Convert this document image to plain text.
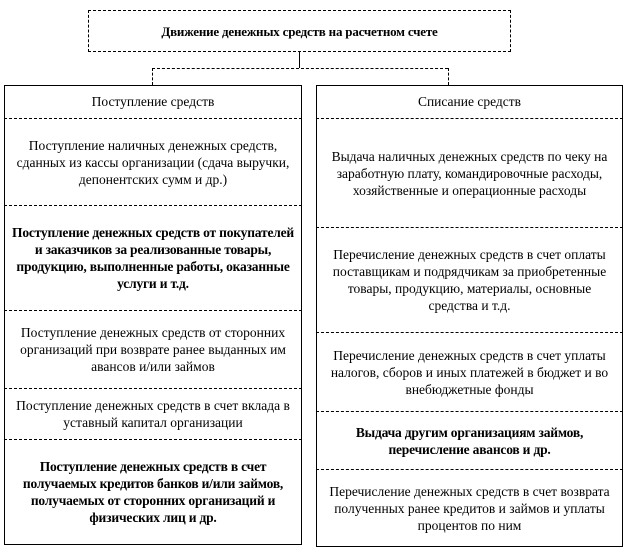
Движение денежных средств на расчетном счете
Поступление средств
Поступление наличных денежных средств, сданных из кассы организации (сдача выручки, депонентских сумм и др.)
Поступление денежных средств от покупателей и заказчиков за реализованные товары, продукцию, выполненные работы, оказанные услуги и т.д.
Поступление денежных средств от сторонних организаций при возврате ранее выданных им авансов и/или займов
Поступление денежных средств в счет вклада в уставный капитал организации
Поступление денежных средств в счет получаемых кредитов банков и/или займов, получаемых от сторонних организаций и физических лиц и др.
Списание средств
Выдача наличных денежных средств по чеку на заработную плату, командировочные расходы, хозяйственные и операционные расходы
Перечисление денежных средств в счет оплаты поставщикам и подрядчикам за приобретенные товары, продукцию, материалы, основные средства и т.д.
Перечисление денежных средств в счет уплаты налогов, сборов и иных платежей в бюджет и во внебюджетные фонды
Выдача другим организациям займов, перечисление авансов и др.
Перечисление денежных средств в счет возврата полученных ранее кредитов и займов и уплаты процентов по ним
